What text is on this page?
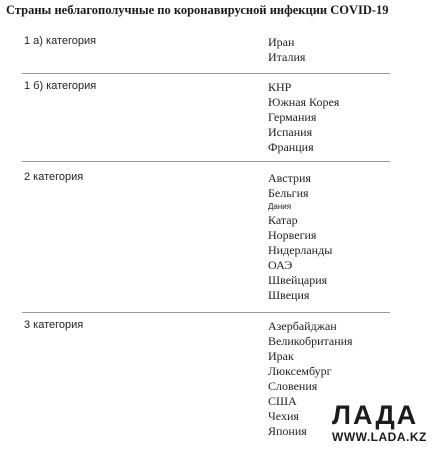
Страны неблагополучные по коронавирусной инфекции COVID-19
1 а) категория	Иран
Италия
1 б) категория	КНР
Южная Корея
Германия
Испания
Франция
2 категория	Австрия
Бельгия
Дания
Катар
Норвегия
Нидерланды
ОАЭ
Швейцария
Швеция
3 категория	Азербайджан
Великобритания
Ирак
Люксембург
Словения
США
Чехия
Япония
ЛАДА
WWW.LADA.KZ
